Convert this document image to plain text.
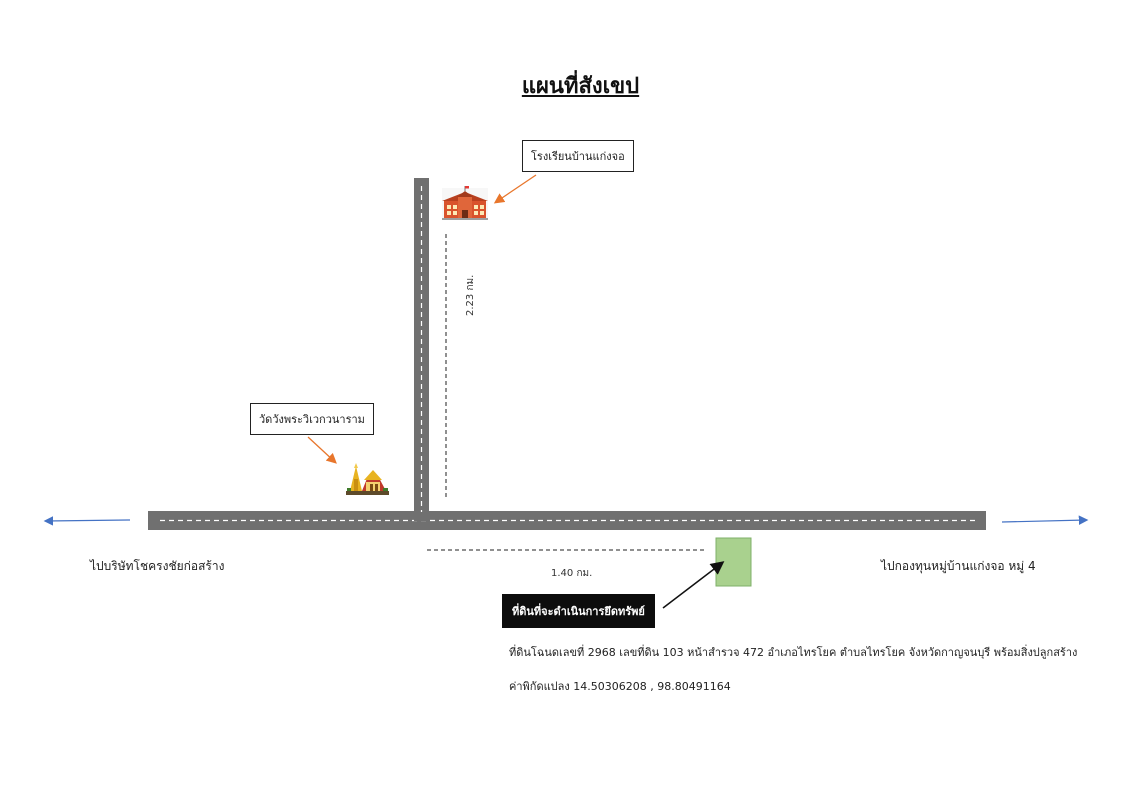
แผนที่สังเขป
โรงเรียนบ้านแก่งจอ
วัดวังพระวิเวกวนาราม
2.23 กม.
1.40 กม.
ไปบริษัทโชครงชัยก่อสร้าง	ไปกองทุนหมู่บ้านแก่งจอ หมู่ 4
ที่ดินที่จะดำเนินการยึดทรัพย์
ที่ดินโฉนดเลขที่ 2968 เลขที่ดิน 103 หน้าสำรวจ 472 อำเภอไทรโยค ตำบลไทรโยค จังหวัดกาญจนบุรี พร้อมสิ่งปลูกสร้าง
ค่าพิกัดแปลง 14.50306208 , 98.80491164
